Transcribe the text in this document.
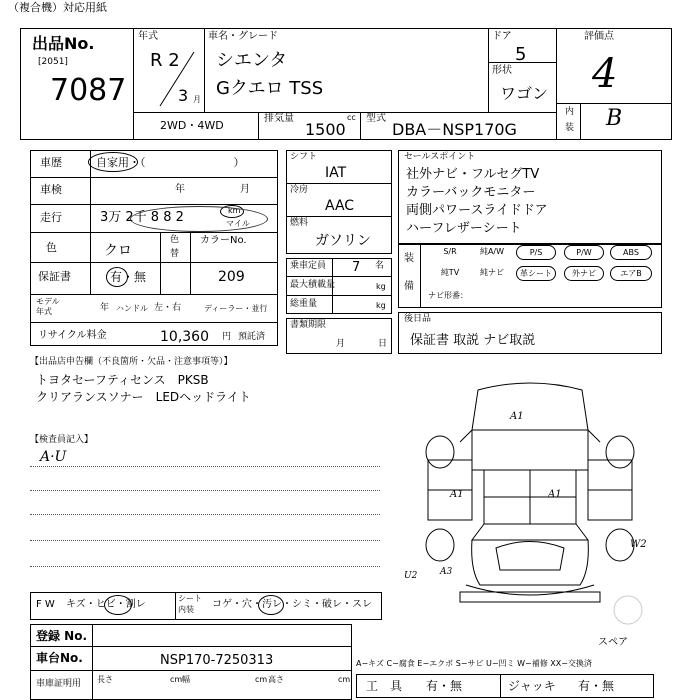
（複合機）対応用紙
出品No.
[2051]
7087
年式
R 2
3 月
車名・グレード
シエンタ
Gクエロ TSS
ドア
5
形状
ワゴン
2WD・4WD
排気量
1500
cc 型式
DBA－NSP170G
評価点
4
内
装 B
車歴	自家用・（　　　　　　　　）
車検	年	月
走行	3万 2千 8 8 2	km
マイル
色	クロ
色
替
カラーNo.
保証書	有・無	209
モデル
年式	年 ハンドル 左・右	ディーラー・並行
リサイクル料金	10,360 円 預託済
シフト
IAT
冷房
AAC
燃料
ガソリン
乗車定員 7 名
最大積載量	kg
総重量	kg
書類期限
月	日
セールスポイント
社外ナビ・フルセグTV
カラーバックモニター
両側パワースライドドア
ハーフレザーシート
装
備
S/R	純A/W	P/S	P/W	ABS
純TV	純ナビ	革シート	外ナビ	エアB
ナビ形番：
後日品
保証書 取説 ナビ取説
【出品店申告欄（不良箇所・欠品・注意事項等）】
トヨタセーフティセンス　PKSB
クリアランスソナー　LEDヘッドライト
【検査員記入】
A·U
F W キズ・ヒビ・割レ
シート
内装 コゲ・穴・汚レ・シミ・破レ・スレ
登録 No.
車台No.	NSP170-7250313
車庫証明用 長さ	cm 幅	cm 高さ	cm
A1
A1	A1
W2
U2	A3
スペア
A−キズ C−腐食 E−エクボ S−サビ U−凹ミ W−補修 XX−交換済
工　具 有・無	ジャッキ 有・無
